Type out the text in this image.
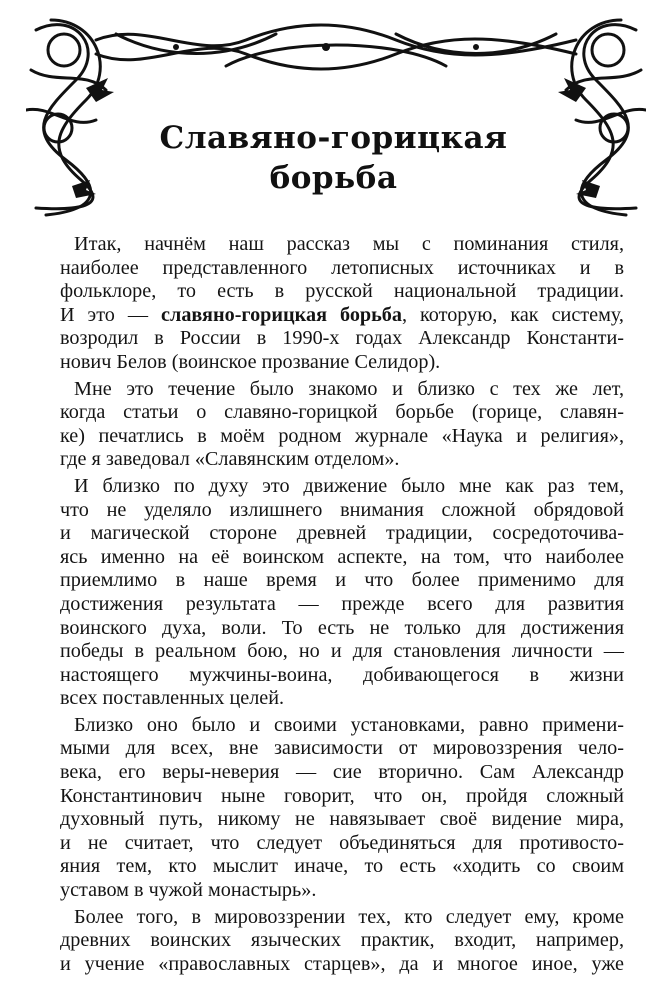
Славяно-горицкая
борьба
Итак, начнём наш рассказ мы с поминания стиля,
наиболее представленного летописных источниках и в
фольклоре, то есть в русской национальной традиции.
И это — славяно-горицкая борьба, которую, как систему,
возродил в России в 1990-х годах Александр Константи-
нович Белов (воинское прозвание Селидор).
Мне это течение было знакомо и близко с тех же лет,
когда статьи о славяно-горицкой борьбе (горице, славян-
ке) печатлись в моём родном журнале «Наука и религия»,
где я заведовал «Славянским отделом».
И близко по духу это движение было мне как раз тем,
что не уделяло излишнего внимания сложной обрядовой
и магической стороне древней традиции, сосредоточива-
ясь именно на её воинском аспекте, на том, что наиболее
приемлимо в наше время и что более применимо для
достижения результата — прежде всего для развития
воинского духа, воли. То есть не только для достижения
победы в реальном бою, но и для становления личности —
настоящего мужчины-воина, добивающегося в жизни
всех поставленных целей.
Близко оно было и своими установками, равно примени-
мыми для всех, вне зависимости от мировоззрения чело-
века, его веры-неверия — сие вторично. Сам Александр
Константинович ныне говорит, что он, пройдя сложный
духовный путь, никому не навязывает своё видение мира,
и не считает, что следует объединяться для противосто-
яния тем, кто мыслит иначе, то есть «ходить со своим
уставом в чужой монастырь».
Более того, в мировоззрении тех, кто следует ему, кроме
древних воинских языческих практик, входит, например,
и учение «православных старцев», да и многое иное, уже
